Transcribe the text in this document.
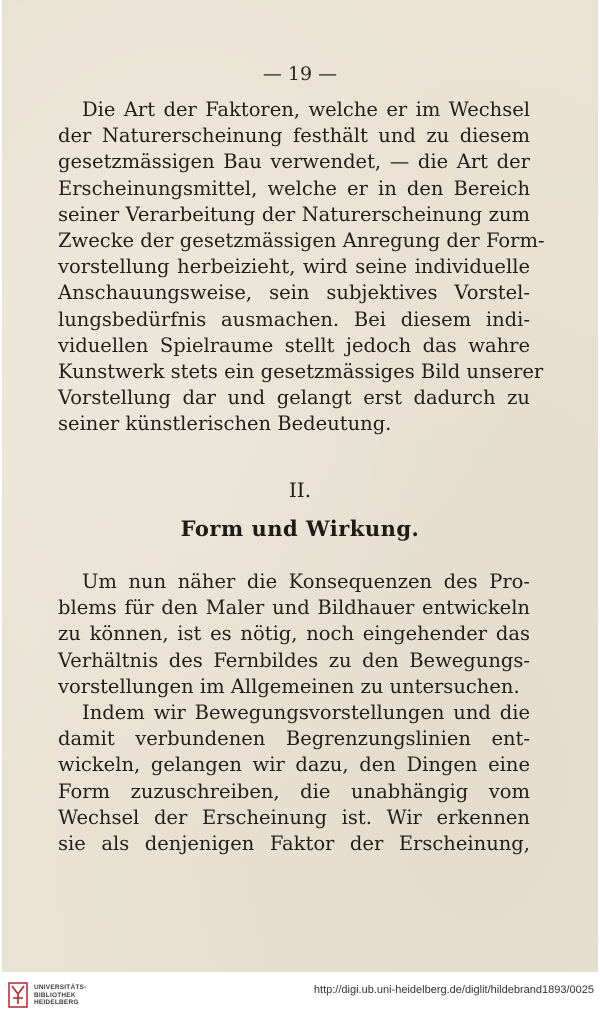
— 19 —
Die Art der Faktoren, welche er im Wechsel
der Naturerscheinung festhält und zu diesem
gesetzmässigen Bau verwendet, — die Art der
Erscheinungsmittel, welche er in den Bereich
seiner Verarbeitung der Naturerscheinung zum
Zwecke der gesetzmässigen Anregung der Form-
vorstellung herbeizieht, wird seine individuelle
Anschauungsweise, sein subjektives Vorstel-
lungsbedürfnis ausmachen. Bei diesem indi-
viduellen Spielraume stellt jedoch das wahre
Kunstwerk stets ein gesetzmässiges Bild unserer
Vorstellung dar und gelangt erst dadurch zu
seiner künstlerischen Bedeutung.
II.
Form und Wirkung.
Um nun näher die Konsequenzen des Pro-
blems für den Maler und Bildhauer entwickeln
zu können, ist es nötig, noch eingehender das
Verhältnis des Fernbildes zu den Bewegungs-
vorstellungen im Allgemeinen zu untersuchen.
Indem wir Bewegungsvorstellungen und die
damit verbundenen Begrenzungslinien ent-
wickeln, gelangen wir dazu, den Dingen eine
Form zuzuschreiben, die unabhängig vom
Wechsel der Erscheinung ist. Wir erkennen
sie als denjenigen Faktor der Erscheinung,
UNIVERSITÄTS-
BIBLIOTHEK
HEIDELBERG
http://digi.ub.uni-heidelberg.de/diglit/hildebrand1893/0025
